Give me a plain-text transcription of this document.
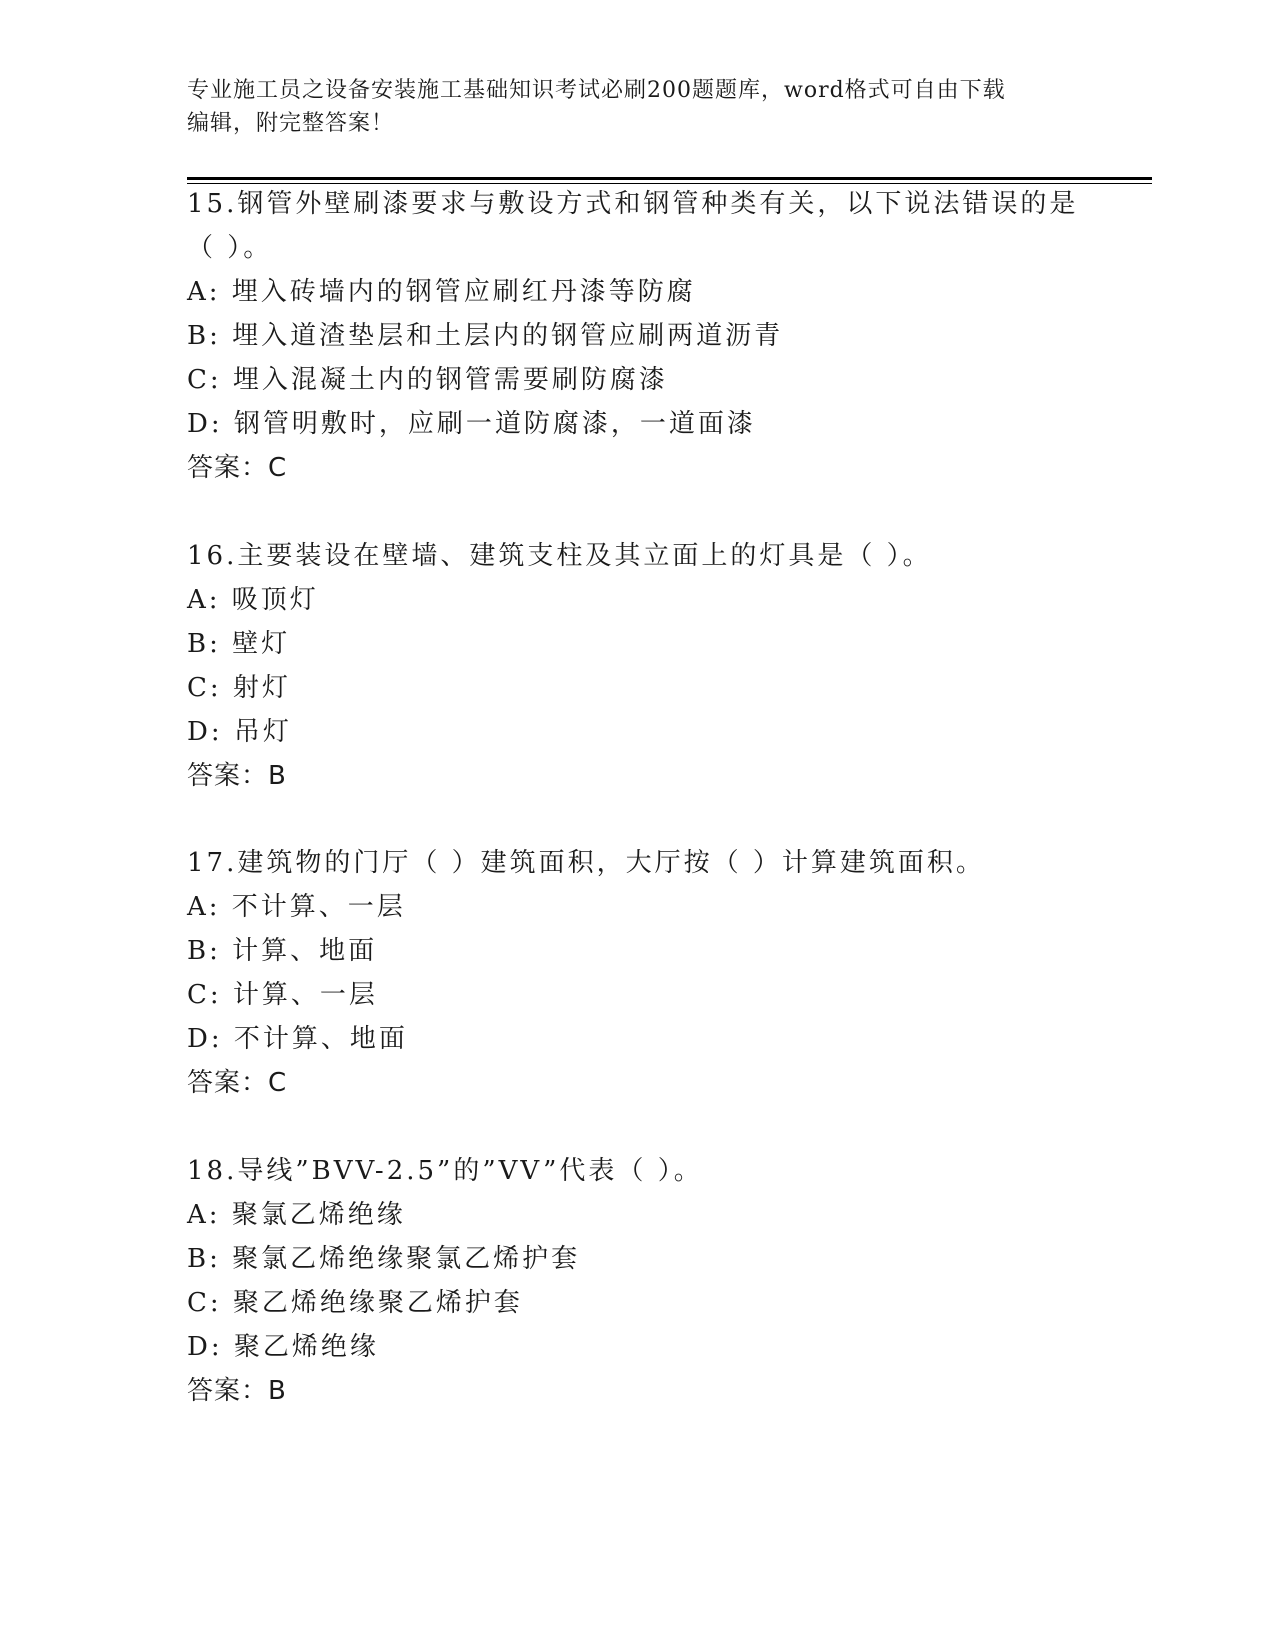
专业施工员之设备安装施工基础知识考试必刷200题题库，word格式可自由下载
编辑，附完整答案！
15.钢管外壁刷漆要求与敷设方式和钢管种类有关，以下说法错误的是
（ ）。
A: 埋入砖墙内的钢管应刷红丹漆等防腐
B: 埋入道渣垫层和土层内的钢管应刷两道沥青
C: 埋入混凝土内的钢管需要刷防腐漆
D: 钢管明敷时，应刷一道防腐漆，一道面漆
答案：C
16.主要装设在壁墙、建筑支柱及其立面上的灯具是（ ）。
A: 吸顶灯
B: 壁灯
C: 射灯
D: 吊灯
答案：B
17.建筑物的门厅（ ）建筑面积，大厅按（ ）计算建筑面积。
A: 不计算、一层
B: 计算、地面
C: 计算、一层
D: 不计算、地面
答案：C
18.导线”BVV-2.5”的”VV”代表（ ）。
A: 聚氯乙烯绝缘
B: 聚氯乙烯绝缘聚氯乙烯护套
C: 聚乙烯绝缘聚乙烯护套
D: 聚乙烯绝缘
答案：B
